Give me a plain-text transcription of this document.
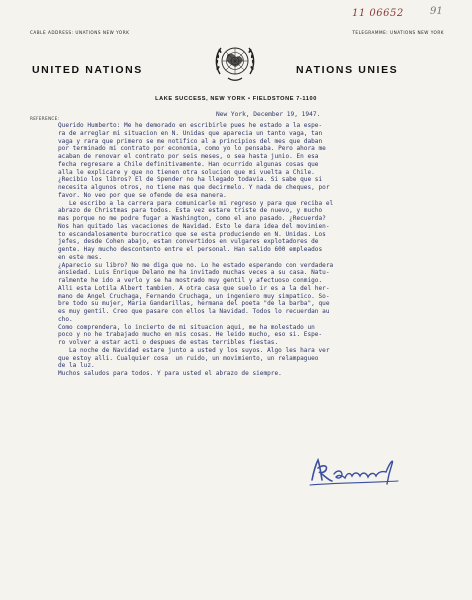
11 06652	91
CABLE ADDRESS: UNATIONS NEW YORK	TELEGRAMME: UNATIONS NEW YORK
UNITED NATIONS	NATIONS UNIES
LAKE SUCCESS, NEW YORK • FIELDSTONE 7-1100
REFERENCE:
New York, December 19, 1947.
Querido Humberto: Me he demorado en escribirle pues he estado a la espe-
ra de arreglar mi situacion en N. Unidas que aparecia un tanto vaga, tan
vaga y rara que primero se me notifico al a principios del mes que daban
por terminado mi contrato por economia, como yo lo pensaba. Pero ahora me
acaban de renovar el contrato por seis meses, o sea hasta junio. En esa
fecha regresare a Chile definitivamente. Han ocurrido algunas cosas que
alla le explicare y que no tienen otra solucion que mi vuelta a Chile.
¿Recibio los libros? El de Spender no ha llegado todavia. Si sabe que si
necesita algunos otros, no tiene mas que decirmelo. Y nada de cheques, por
favor. No veo por que se ofende de esa manera.
Le escribo a la carrera para comunicarle mi regreso y para que reciba el
abrazo de Christmas para todos. Esta vez estare triste de nuevo, y mucho
mas porque no me podre fugar a Washington, como el ano pasado. ¿Recuerda?
Nos han quitado las vacaciones de Navidad. Esto le dara idea del movimien-
to escandalosamente burocratico que se esta produciendo en N. Unidas. Los
jefes, desde Cohen abajo, estan convertidos en vulgares explotadores de
gente. Hay mucho descontento entre el personal. Han salido 600 empleados
en este mes.
¿Aparecio su libro? No me diga que no. Lo he estado esperando con verdadera
ansiedad. Luis Enrique Delano me ha invitado muchas veces a su casa. Natu-
ralmente he ido a verlo y se ha mostrado muy gentil y afectuoso conmigo.
Alli esta Lotila Albert tambien. A otra casa que suelo ir es a la del her-
mano de Angel Cruchaga, Fernando Cruchaga, un ingeniero muy simpatico. So-
bre todo su mujer, Maria Gandarillas, hermana del poeta "de la barba", que
es muy gentil. Creo que pasare con ellos la Navidad. Todos lo recuerdan au
cho.
Como comprendera, lo incierto de mi situacion aqui, me ha molestado un
poco y no he trabajado mucho en mis cosas. He leido mucho, eso si. Espe-
ro volver a estar acti o despues de estas terribles fiestas.
La noche de Navidad estare junto a usted y los suyos. Algo les hara ver
que estoy alli. Cualquier cosa  un ruido, un movimiento, un relampagueo
de la luz.
Muchos saludos para todos. Y para usted el abrazo de siempre.
